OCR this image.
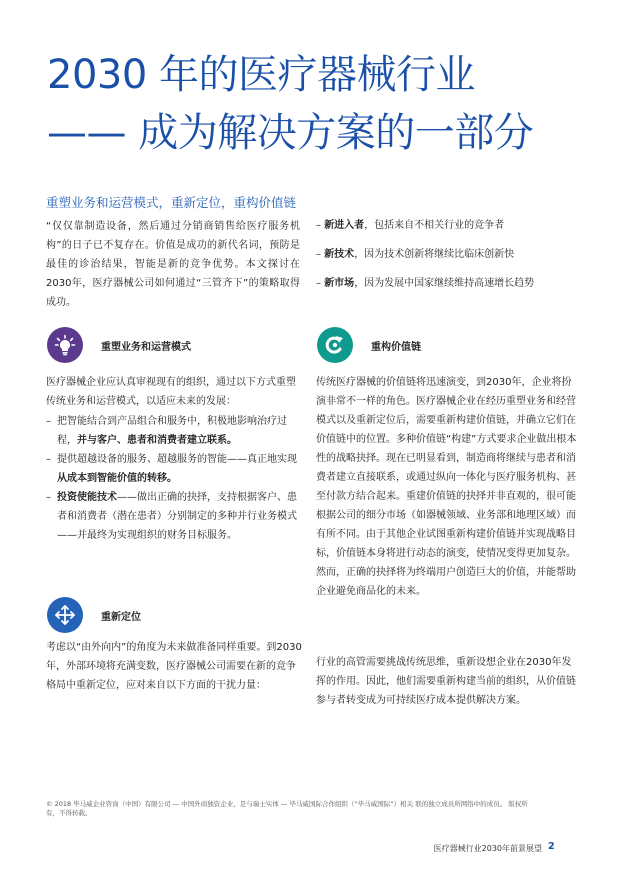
2030 年的医疗器械行业
—— 成为解决方案的一部分
重塑业务和运营模式，重新定位，重构价值链

“仅仅靠制造设备，然后通过分销商销售给医疗服务机构”的日子已不复存在。价值是成功的新代名词，预防是最佳的诊治结果，智能是新的竞争优势。本文探讨在2030年，医疗器械公司如何通过“三管齐下”的策略取得成功。

– 新进入者，包括来自不相关行业的竞争者
– 新技术，因为技术创新将继续比临床创新快
– 新市场，因为发展中国家继续维持高速增长趋势
重塑业务和运营模式

医疗器械企业应认真审视现有的组织，通过以下方式重塑传统业务和运营模式，以适应未来的发展：

– 把智能结合到产品组合和服务中，积极地影响治疗过程，并与客户、患者和消费者建立联系。
– 提供超越设备的服务、超越服务的智能——真正地实现从成本到智能价值的转移。
– 投资使能技术——做出正确的抉择，支持根据客户、患者和消费者（潜在患者）分别制定的多种并行业务模式——并最终为实现组织的财务目标服务。
重新定位

考虑以“由外向内”的角度为未来做准备同样重要。到2030年，外部环境将充满变数，医疗器械公司需要在新的竞争格局中重新定位，应对来自以下方面的干扰力量：

重构价值链

传统医疗器械的价值链将迅速演变，到2030年，企业将扮演非常不一样的角色。医疗器械企业在经历重塑业务和经营模式以及重新定位后，需要重新构建价值链，并确立它们在价值链中的位置。多种价值链“构建”方式要求企业做出根本性的战略抉择。现在已明显看到，制造商将继续与患者和消费者建立直接联系，或通过纵向一体化与医疗服务机构、甚至付款方结合起来。重建价值链的抉择并非直观的，很可能根据公司的细分市场（如器械领域、业务部和地理区域）而有所不同。由于其他企业试图重新构建价值链并实现战略目标，价值链本身将进行动态的演变，使情况变得更加复杂。然而，正确的抉择将为终端用户创造巨大的价值，并能帮助企业避免商品化的未来。

行业的高管需要挑战传统思维，重新设想企业在2030年发挥的作用。因此，他们需要重新构建当前的组织，从价值链参与者转变成为可持续医疗成本提供解决方案。

© 2018 毕马威企业咨询（中国）有限公司 — 中国外商独资企业，是与瑞士实体 — 毕马威国际合作组织（“毕马威国际”）相关 联的独立成员所网络中的成员。 版权所有，不得转载。
医疗器械行业2030年前景展望 2
